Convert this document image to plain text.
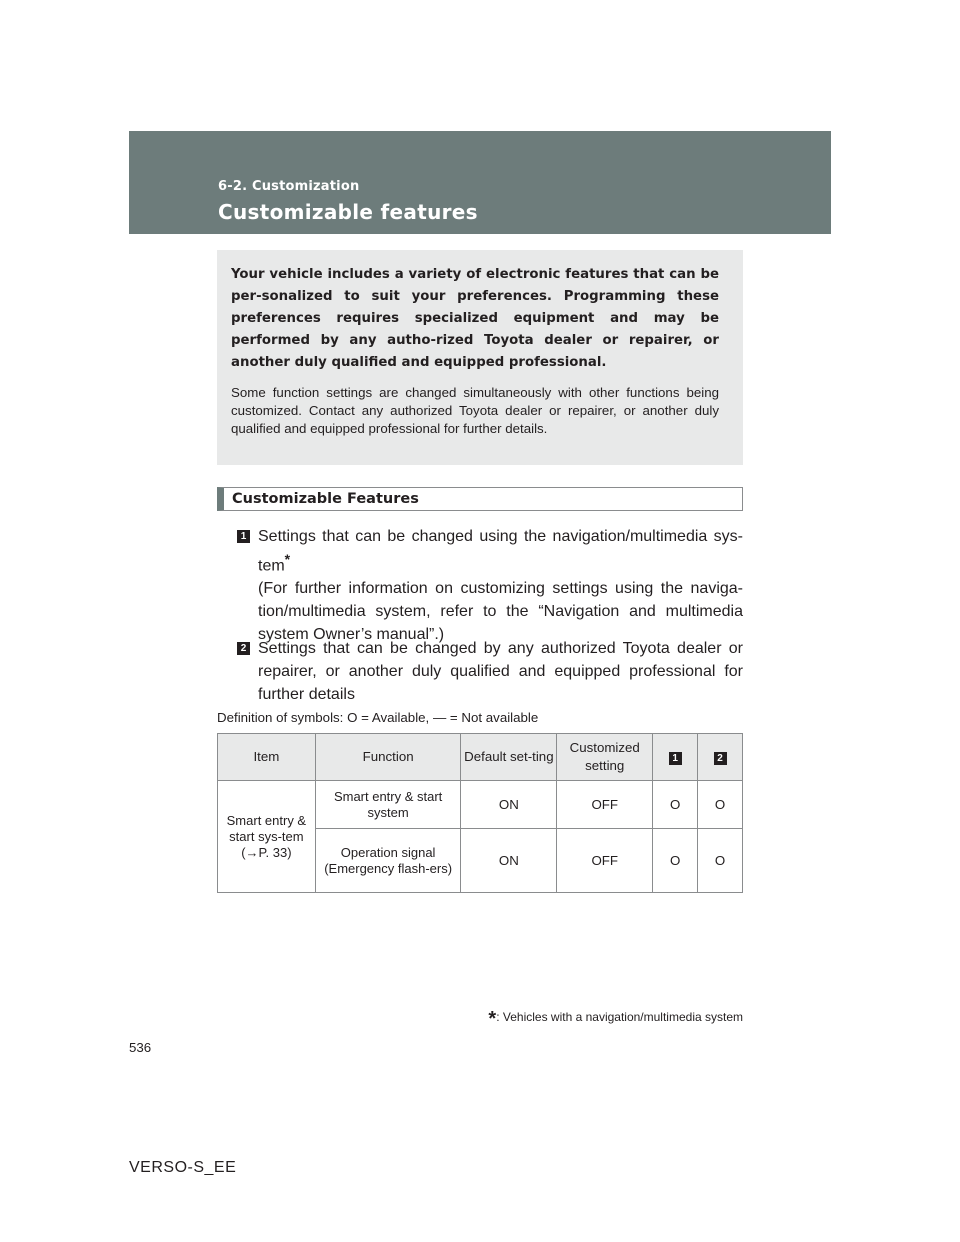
6-2. Customization
Customizable features

Your vehicle includes a variety of electronic features that can be per-sonalized to suit your preferences. Programming these preferences requires specialized equipment and may be performed by any autho-rized Toyota dealer or repairer, or another duly qualified and equipped professional.

Some function settings are changed simultaneously with other functions being customized. Contact any authorized Toyota dealer or repairer, or another duly qualified and equipped professional for further details.

Customizable Features
1 Settings that can be changed using the navigation/multimedia sys-tem*
(For further information on customizing settings using the naviga-tion/multimedia system, refer to the “Navigation and multimedia system Owner’s manual”.)
2 Settings that can be changed by any authorized Toyota dealer or repairer, or another duly qualified and equipped professional for further details
Definition of symbols: O = Available, — = Not available
Item	Function	Default set-ting	Customized setting	1	2
Smart entry & start sys-tem (→P. 33)	Smart entry & start system	ON	OFF	O	O
	Operation signal (Emergency flash-ers)	ON	OFF	O	O
*: Vehicles with a navigation/multimedia system
536
VERSO-S_EE
